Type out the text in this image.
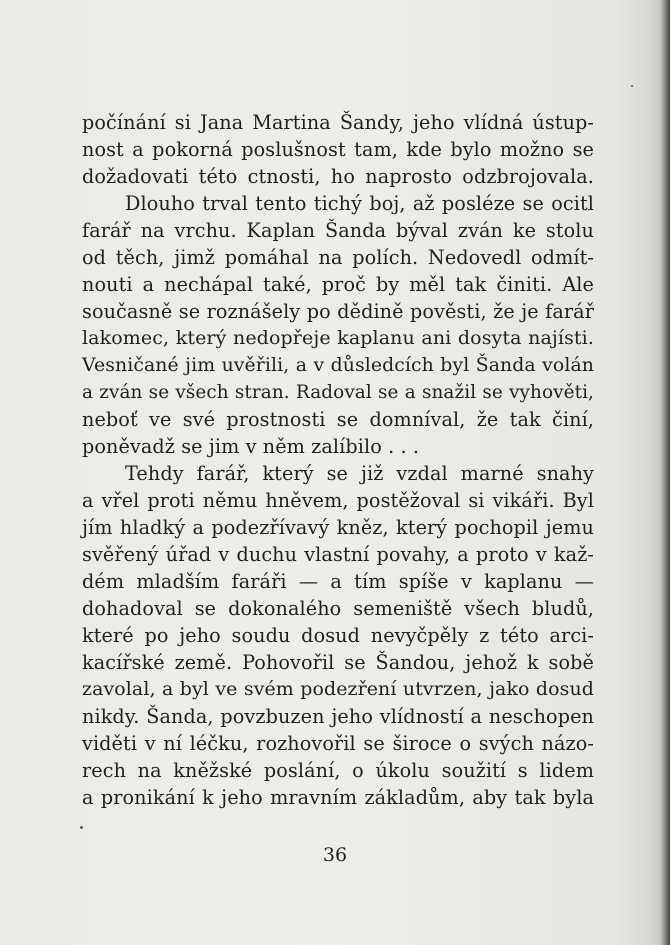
počínání si Jana Martina Šandy, jeho vlídná ústup-
nost a pokorná poslušnost tam, kde bylo možno se
dožadovati této ctnosti, ho naprosto odzbrojovala.
Dlouho trval tento tichý boj, až posléze se ocitl
farář na vrchu. Kaplan Šanda býval zván ke stolu
od těch, jimž pomáhal na polích. Nedovedl odmít-
nouti a nechápal také, proč by měl tak činiti. Ale
současně se roznášely po dědině pověsti, že je farář
lakomec, který nedopřeje kaplanu ani dosyta najísti.
Vesničané jim uvěřili, a v důsledcích byl Šanda volán
a zván se všech stran. Radoval se a snažil se vyhověti,
neboť ve své prostnosti se domníval, že tak činí,
poněvadž se jim v něm zalíbilo . . .
Tehdy farář, který se již vzdal marné snahy
a vřel proti němu hněvem, postěžoval si vikáři. Byl
jím hladký a podezřívavý kněz, který pochopil jemu
svěřený úřad v duchu vlastní povahy, a proto v kaž-
dém mladším faráři — a tím spíše v kaplanu —
dohadoval se dokonalého semeniště všech bludů,
které po jeho soudu dosud nevyčpěly z této arci-
kacířské země. Pohovořil se Šandou, jehož k sobě
zavolal, a byl ve svém podezření utvrzen, jako dosud
nikdy. Šanda, povzbuzen jeho vlídností a neschopen
viděti v ní léčku, rozhovořil se široce o svých názo-
rech na kněžské poslání, o úkolu soužití s lidem
a pronikání k jeho mravním základům, aby tak byla
36
